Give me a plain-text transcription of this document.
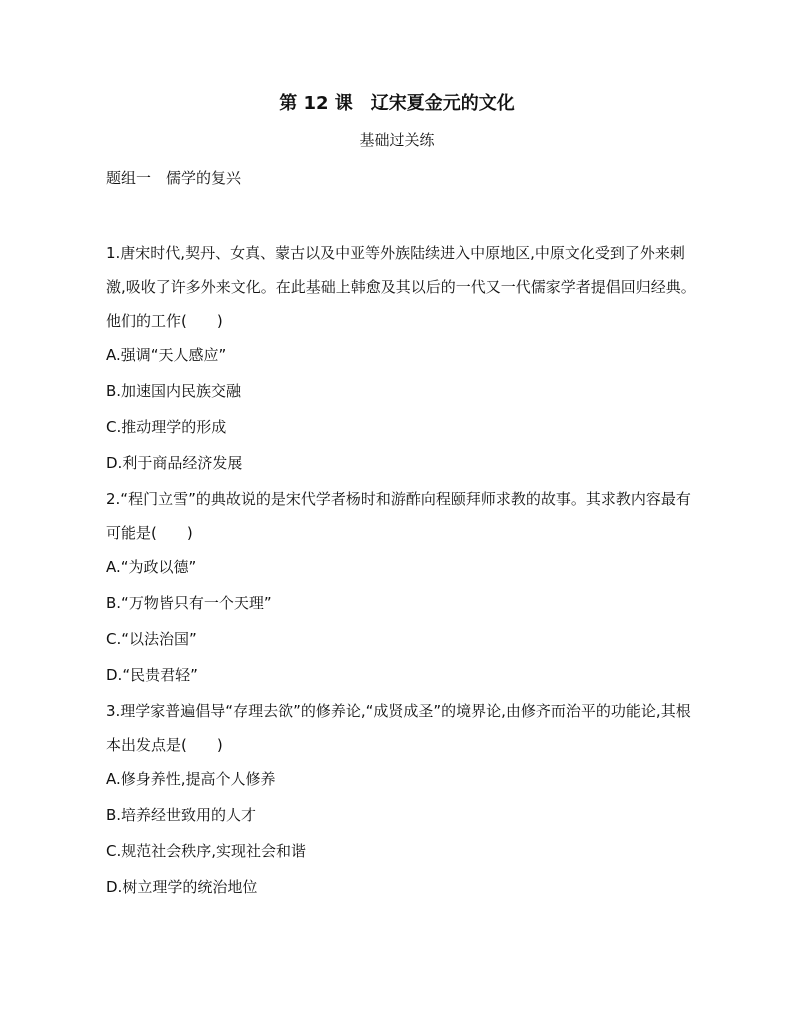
第 12 课　辽宋夏金元的文化
基础过关练
题组一　儒学的复兴

1.唐宋时代,契丹、女真、蒙古以及中亚等外族陆续进入中原地区,中原文化受到了外来刺激,吸收了许多外来文化。在此基础上韩愈及其以后的一代又一代儒家学者提倡回归经典。他们的工作(　　)

A.强调“天人感应”

B.加速国内民族交融

C.推动理学的形成

D.利于商品经济发展

2.“程门立雪”的典故说的是宋代学者杨时和游酢向程颐拜师求教的故事。其求教内容最有可能是(　　)

A.“为政以德”

B.“万物皆只有一个天理”

C.“以法治国”

D.“民贵君轻”

3.理学家普遍倡导“存理去欲”的修养论,“成贤成圣”的境界论,由修齐而治平的功能论,其根本出发点是(　　)

A.修身养性,提高个人修养

B.培养经世致用的人才

C.规范社会秩序,实现社会和谐

D.树立理学的统治地位
